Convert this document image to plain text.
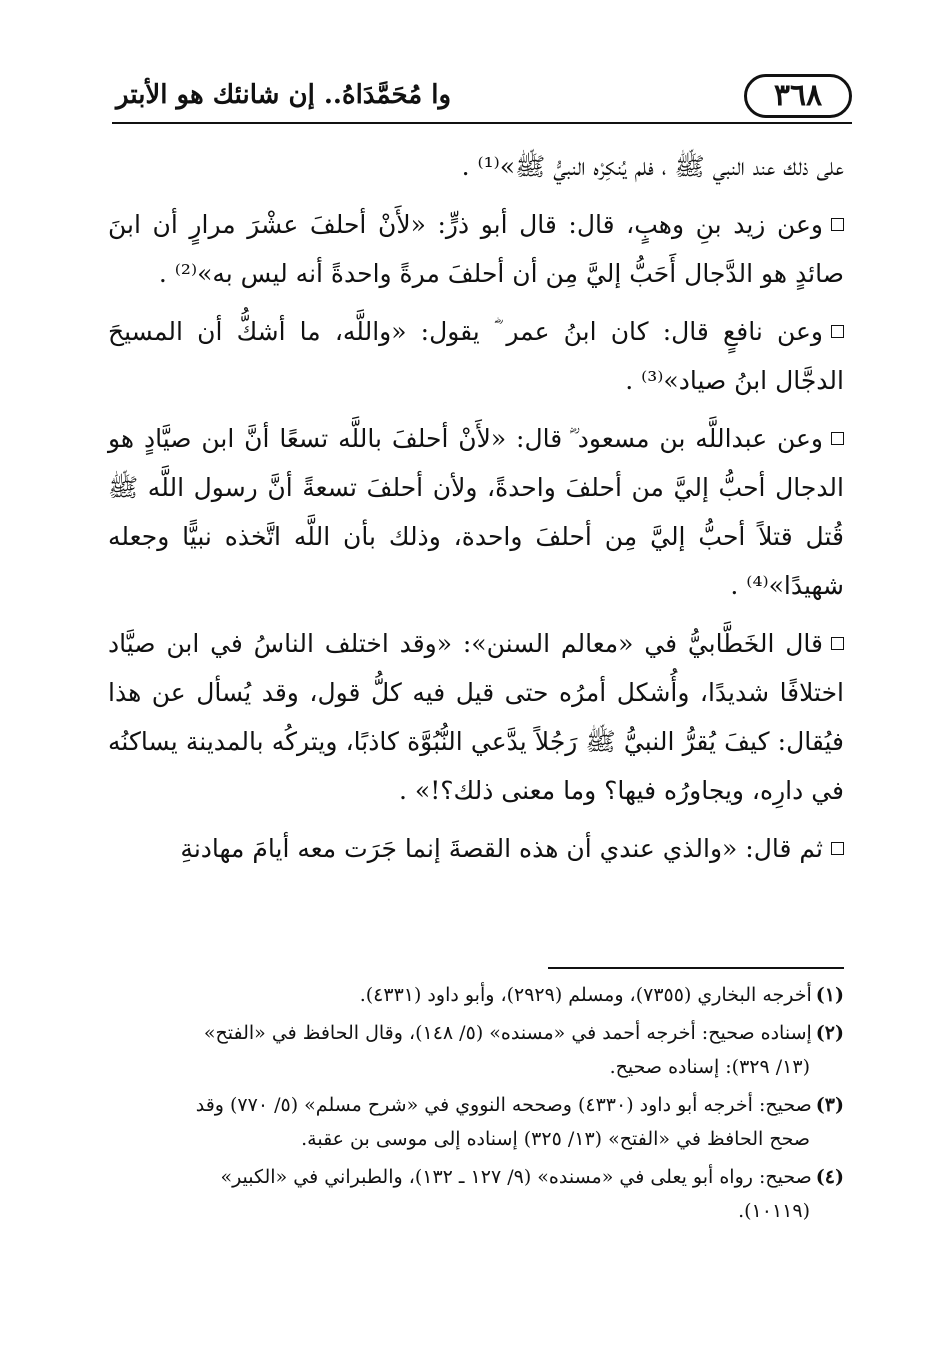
وا مُحَمَّدَاهُ.. إن شانئك هو الأبتر	٣٦٨

على ذلك عند النبي ﷺ ، فلم يُنكِرْه النبيُّ ﷺ»⁽¹⁾ .

وعن زيد بنِ وهبٍ، قال: قال أبو ذرٍّ: «لأَنْ أحلفَ عشْرَ مرارٍ أن ابنَ صائدٍ هو الدَّجال أَحَبُّ إليَّ مِن أن أحلفَ مرةً واحدةً أنه ليس به»⁽²⁾ .

وعن نافعٍ قال: كان ابنُ عمر ؓ يقول: «واللَّه، ما أشكُّ أن المسيحَ الدجَّال ابنُ صياد»⁽³⁾ .

وعن عبداللَّه بن مسعود ؓ قال: «لأَنْ أحلفَ باللَّه تسعًا أنَّ ابن صيَّادٍ هو الدجال أحبُّ إليَّ من أحلفَ واحدةً، ولأن أحلفَ تسعةً أنَّ رسول اللَّه ﷺ قُتل قتلاً أحبُّ إليَّ مِن أحلفَ واحدة، وذلك بأن اللَّه اتَّخذه نبيًّا وجعله شهيدًا»⁽⁴⁾ .

قال الخَطَّابيُّ في «معالم السنن»: «وقد اختلف الناسُ في ابن صيَّاد اختلافًا شديدًا، وأُشكل أمرُه حتى قيل فيه كلُّ قول، وقد يُسأل عن هذا فيُقال: كيفَ يُقرُّ النبيُّ ﷺ رَجُلاً يدَّعي النُّبُوَّة كاذبًا، ويتركُه بالمدينة يساكنُه في دارِه، ويجاورُه فيها؟ وما معنى ذلك؟!» .

ثم قال: «والذي عندي أن هذه القصةَ إنما جَرَت معه أيامَ مهادنةِ

(١)أخرجه البخاري (٧٣٥٥)، ومسلم (٢٩٢٩)، وأبو داود (٤٣٣١).

(٢)إسناده صحيح: أخرجه أحمد في «مسنده» (٥/ ١٤٨)، وقال الحافظ في «الفتح»
(١٣/ ٣٢٩): إسناده صحيح.

(٣)صحيح: أخرجه أبو داود (٤٣٣٠) وصححه النووي في «شرح مسلم» (٥/ ٧٧٠) وقد
صحح الحافظ في «الفتح» (١٣/ ٣٢٥) إسناده إلى موسى بن عقبة.

(٤)صحيح: رواه أبو يعلى في «مسنده» (٩/ ١٢٧ ـ ١٣٢)، والطبراني في «الكبير»
(١٠١١٩).
